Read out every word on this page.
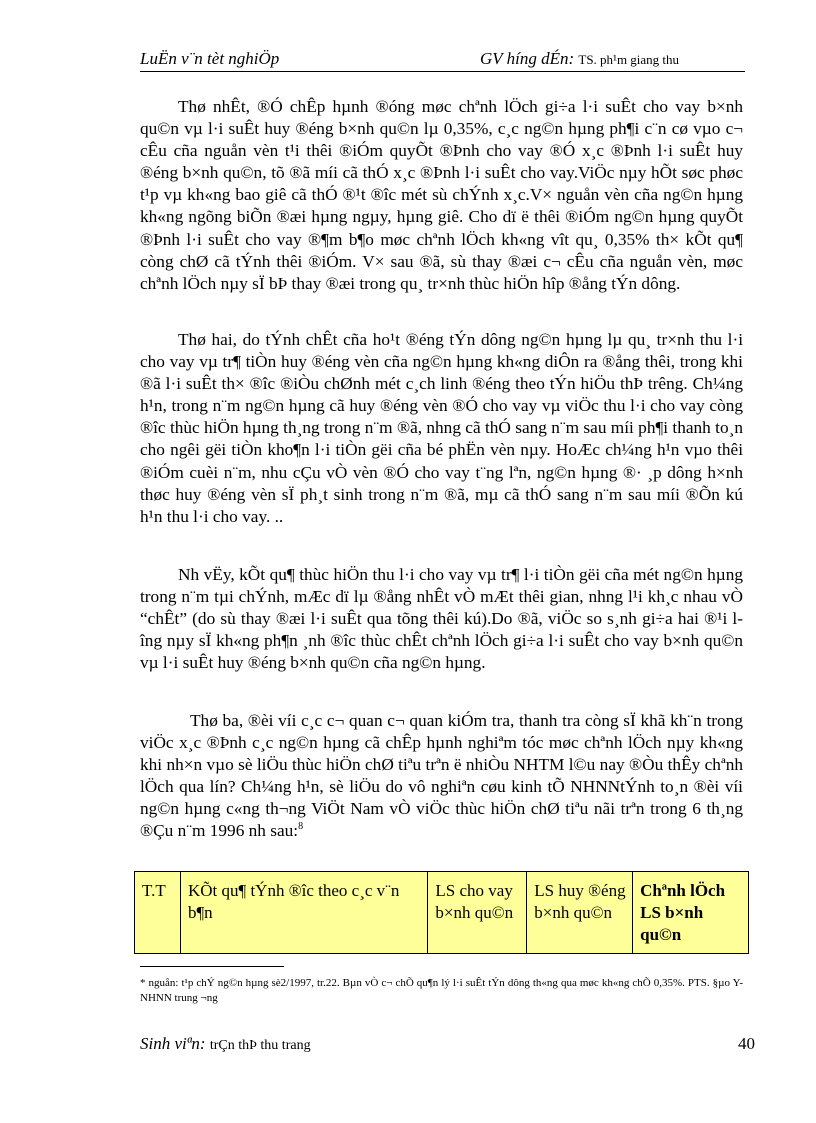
LuËn v¨n tèt nghiÖp	GV híng dÉn: TS. ph¹m giang thu

Thø nhÊt, ®Ó chÊp hµnh ®óng møc chªnh lÖch gi÷a l·i suÊt cho vay b×nh qu©n vµ l·i suÊt huy ®éng b×nh qu©n lµ 0,35%, c¸c ng©n hµng ph¶i c¨n cø vµo c¬ cÊu cña nguån vèn t¹i thêi ®iÓm quyÕt ®Þnh cho vay ®Ó x¸c ®Þnh l·i suÊt huy ®éng b×nh qu©n, tõ ®ã míi cã thÓ x¸c ®Þnh l·i suÊt cho vay.ViÖc nµy hÕt søc phøc t¹p vµ kh«ng bao giê cã thÓ ®¹t ®îc mét sù chÝnh x¸c.V× nguån vèn cña ng©n hµng kh«ng ngõng biÕn ®æi hµng ngµy, hµng giê. Cho dï ë thêi ®iÓm ng©n hµng quyÕt ®Þnh l·i suÊt cho vay ®¶m b¶o møc chªnh lÖch kh«ng vît qu¸ 0,35% th× kÕt qu¶ còng chØ cã tÝnh thêi ®iÓm. V× sau ®ã, sù thay ®æi c¬ cÊu cña nguån vèn, møc chªnh lÖch nµy sÏ bÞ thay ®æi trong qu¸ tr×nh thùc hiÖn hîp ®ång tÝn dông.

Thø hai, do tÝnh chÊt cña ho¹t ®éng tÝn dông ng©n hµng lµ qu¸ tr×nh thu l·i cho vay vµ tr¶ tiÒn huy ®éng vèn cña ng©n hµng kh«ng diÔn ra ®ång thêi, trong khi ®ã l·i suÊt th× ®îc ®iÒu chØnh mét c¸ch linh ®éng theo tÝn hiÖu thÞ trêng. Ch¼ng h¹n, trong n¨m ng©n hµng cã huy ®éng vèn ®Ó cho vay vµ viÖc thu l·i cho vay còng ®îc thùc hiÖn hµng th¸ng trong n¨m ®ã, nhng cã thÓ sang n¨m sau míi ph¶i thanh to¸n cho ngêi gëi tiÒn kho¶n l·i tiÒn gëi cña bé phËn vèn nµy. HoÆc ch¼ng h¹n vµo thêi ®iÓm cuèi n¨m, nhu cÇu vÒ vèn ®Ó cho vay t¨ng lªn, ng©n hµng ®· ¸p dông h×nh thøc huy ®éng vèn sÏ ph¸t sinh trong n¨m ®ã, mµ cã thÓ sang n¨m sau míi ®Õn kú h¹n thu l·i cho vay. ..

Nh vËy, kÕt qu¶ thùc hiÖn thu l·i cho vay vµ tr¶ l·i tiÒn gëi cña mét ng©n hµng trong n¨m tµi chÝnh, mÆc dï lµ ®ång nhÊt vÒ mÆt thêi gian, nhng l¹i kh¸c nhau vÒ “chÊt” (do sù thay ®æi l·i suÊt qua tõng thêi kú).Do ®ã, viÖc so s¸nh gi÷a hai ®¹i lîng nµy sÏ kh«ng ph¶n ¸nh ®îc thùc chÊt chªnh lÖch gi÷a l·i suÊt cho vay b×nh qu©n vµ l·i suÊt huy ®éng b×nh qu©n cña ng©n hµng.

Thø ba, ®èi víi c¸c c¬ quan c¬ quan kiÓm tra, thanh tra còng sÏ khã kh¨n trong viÖc x¸c ®Þnh c¸c ng©n hµng cã chÊp hµnh nghiªm tóc møc chªnh lÖch nµy kh«ng khi nh×n vµo sè liÖu thùc hiÖn chØ tiªu trªn ë nhiÒu NHTM l©u nay ®Òu thÊy chªnh lÖch qua lín? Ch¼ng h¹n, sè liÖu do vô nghiªn cøu kinh tÕ NHNNtÝnh to¸n ®èi víi ng©n hµng c«ng th¬ng ViÖt Nam vÒ viÖc thùc hiÖn chØ tiªu nãi trªn trong 6 th¸ng ®Çu n¨m 1996 nh sau:$^8$

T.T	KÕt qu¶ tÝnh ®îc theo c¸c v¨n b¶n	LS cho vay b×nh qu©n	LS huy ®éng b×nh qu©n	Chªnh lÖch LS b×nh qu©n
* nguån: t¹p chÝ ng©n hµng sè2/1997, tr.22. Bµn vÒ c¬ chÕ qu¶n lý l·i suÊt tÝn dông th«ng qua møc kh«ng chÕ 0,35%. PTS. §µo Y- NHNN trung ¬ng
Sinh viªn: trÇn thÞ thu trang	40
